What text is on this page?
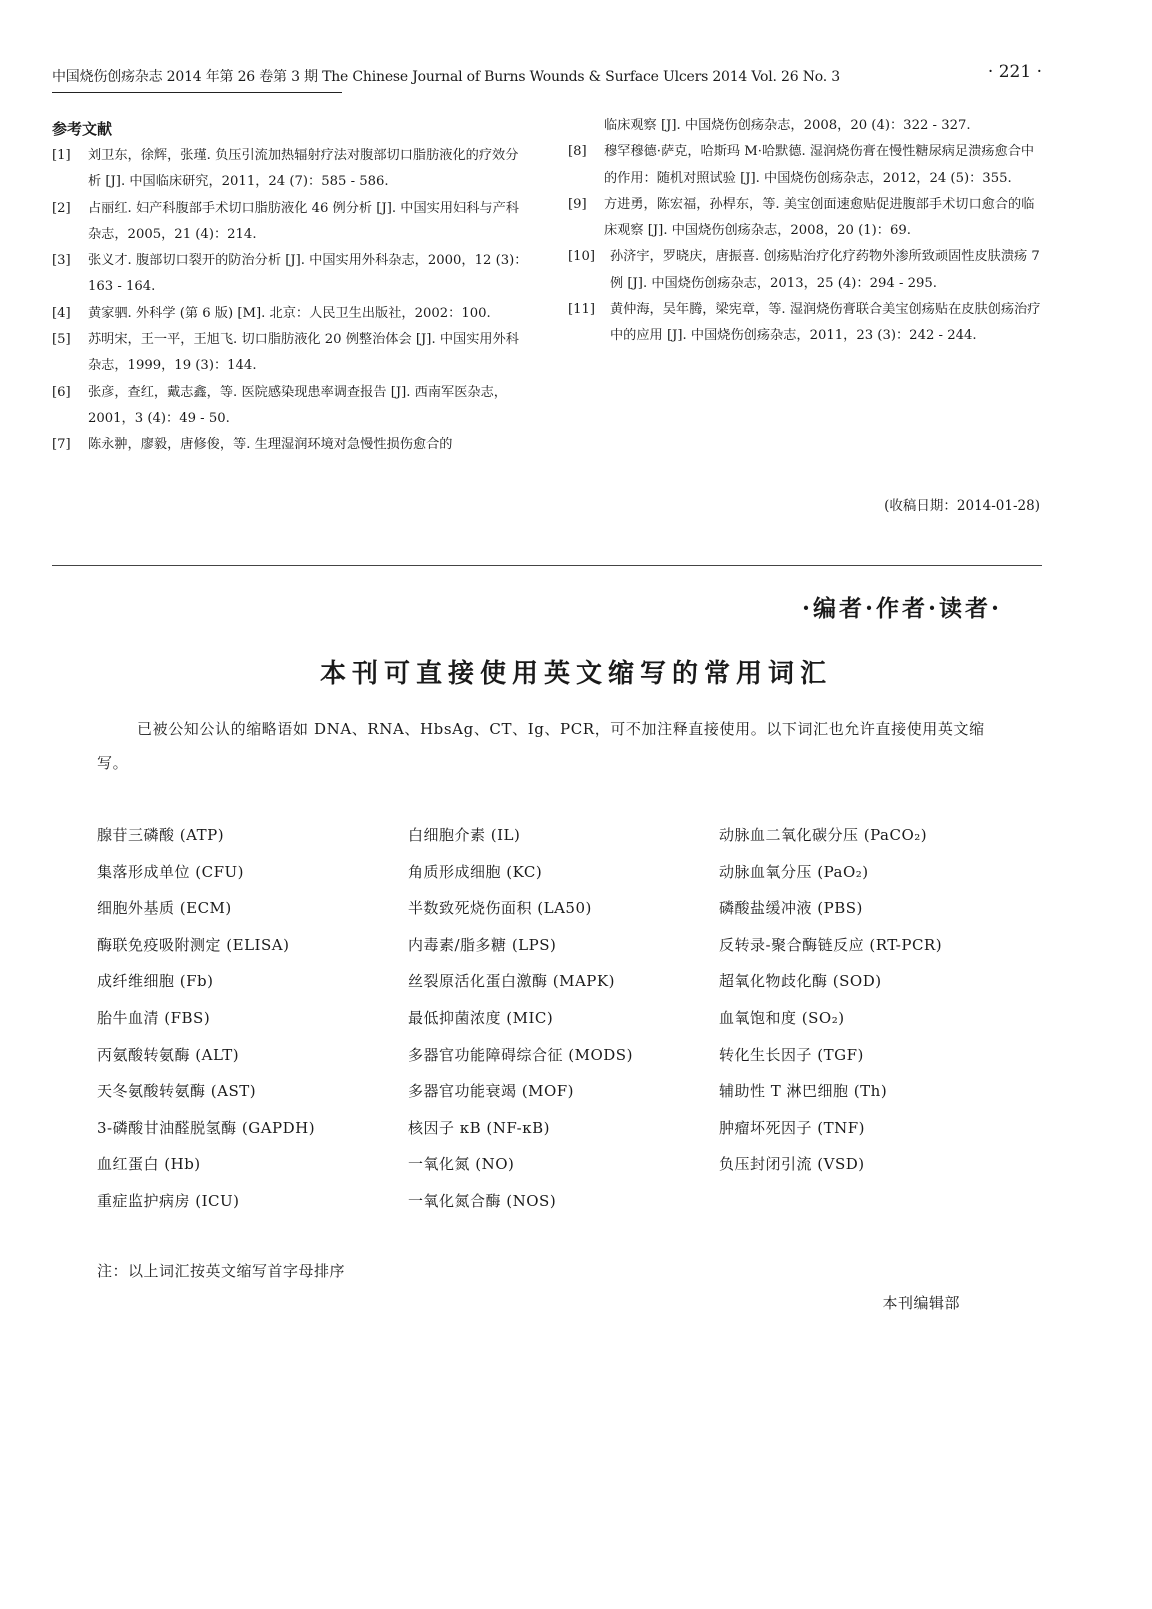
中国烧伤创疡杂志 2014 年第 26 卷第 3 期 The Chinese Journal of Burns Wounds & Surface Ulcers 2014 Vol. 26 No. 3	· 221 ·
参考文献

[1] 刘卫东，徐辉，张瑾. 负压引流加热辐射疗法对腹部切口脂肪液化的疗效分析 [J]. 中国临床研究，2011，24 (7)：585 - 586.

[2] 占丽红. 妇产科腹部手术切口脂肪液化 46 例分析 [J]. 中国实用妇科与产科杂志，2005，21 (4)：214.

[3] 张义才. 腹部切口裂开的防治分析 [J]. 中国实用外科杂志，2000，12 (3)：163 - 164.

[4] 黄家驷. 外科学 (第 6 版) [M]. 北京：人民卫生出版社，2002：100.

[5] 苏明宋，王一平，王旭飞. 切口脂肪液化 20 例整治体会 [J]. 中国实用外科杂志，1999，19 (3)：144.

[6] 张彦，查红，戴志鑫，等. 医院感染现患率调查报告 [J]. 西南军医杂志，2001，3 (4)：49 - 50.

[7] 陈永翀，廖毅，唐修俊，等. 生理湿润环境对急慢性损伤愈合的

临床观察 [J]. 中国烧伤创疡杂志，2008，20 (4)：322 - 327.

[8] 穆罕穆德·萨克，哈斯玛 M·哈默德. 湿润烧伤膏在慢性糖尿病足溃疡愈合中的作用：随机对照试验 [J]. 中国烧伤创疡杂志，2012，24 (5)：355.

[9] 方进勇，陈宏福，孙桿东，等. 美宝创面速愈贴促进腹部手术切口愈合的临床观察 [J]. 中国烧伤创疡杂志，2008，20 (1)：69.

[10] 孙济宇，罗晓庆，唐振喜. 创疡贴治疗化疗药物外渗所致顽固性皮肤溃疡 7 例 [J]. 中国烧伤创疡杂志，2013，25 (4)：294 - 295.

[11] 黄仲海，吴年腾，梁宪章，等. 湿润烧伤膏联合美宝创疡贴在皮肤创疡治疗中的应用 [J]. 中国烧伤创疡杂志，2011，23 (3)：242 - 244.

(收稿日期：2014-01-28)
·编者·作者·读者·
本刊可直接使用英文缩写的常用词汇
已被公知公认的缩略语如 DNA、RNA、HbsAg、CT、Ig、PCR，可不加注释直接使用。以下词汇也允许直接使用英文缩写。
腺苷三磷酸 (ATP)
集落形成单位 (CFU)
细胞外基质 (ECM)
酶联免疫吸附测定 (ELISA)
成纤维细胞 (Fb)
胎牛血清 (FBS)
丙氨酸转氨酶 (ALT)
天冬氨酸转氨酶 (AST)
3-磷酸甘油醛脱氢酶 (GAPDH)
血红蛋白 (Hb)
重症监护病房 (ICU)
白细胞介素 (IL)
角质形成细胞 (KC)
半数致死烧伤面积 (LA50)
内毒素/脂多糖 (LPS)
丝裂原活化蛋白激酶 (MAPK)
最低抑菌浓度 (MIC)
多器官功能障碍综合征 (MODS)
多器官功能衰竭 (MOF)
核因子 κB (NF-κB)
一氧化氮 (NO)
一氧化氮合酶 (NOS)
动脉血二氧化碳分压 (PaCO₂)
动脉血氧分压 (PaO₂)
磷酸盐缓冲液 (PBS)
反转录-聚合酶链反应 (RT-PCR)
超氧化物歧化酶 (SOD)
血氧饱和度 (SO₂)
转化生长因子 (TGF)
辅助性 T 淋巴细胞 (Th)
肿瘤坏死因子 (TNF)
负压封闭引流 (VSD)
注：以上词汇按英文缩写首字母排序
本刊编辑部
